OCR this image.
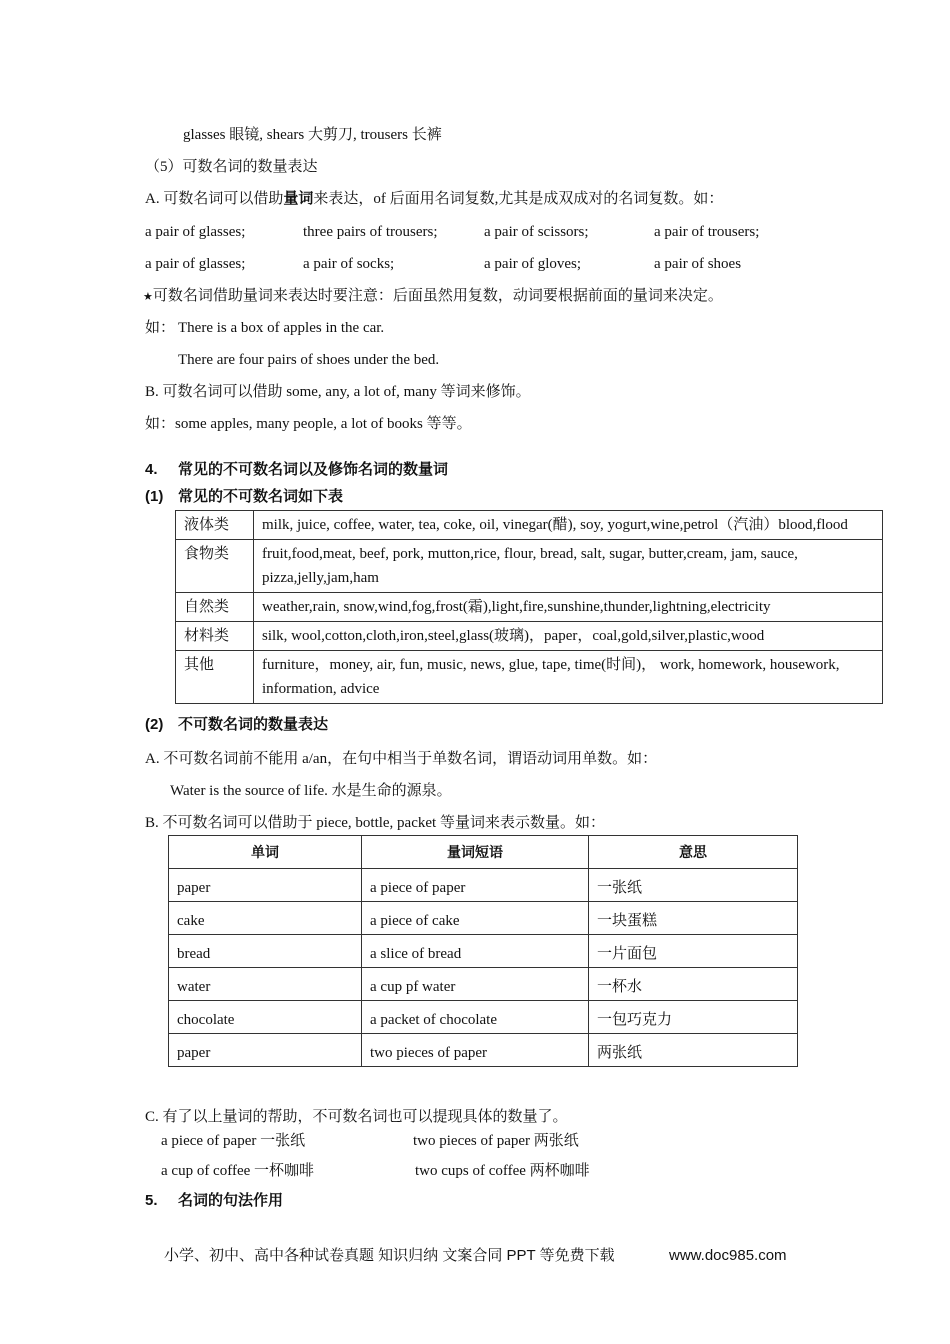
glasses 眼镜, shears 大剪刀, trousers 长裤
（5）可数名词的数量表达
A. 可数名词可以借助量词来表达，of 后面用名词复数,尤其是成双成对的名词复数。如：
a pair of glasses;	three pairs of trousers;	a pair of scissors;	a pair of trousers;
a pair of glasses;	a pair of socks;	a pair of gloves;	a pair of shoes
★可数名词借助量词来表达时要注意：后面虽然用复数，动词要根据前面的量词来决定。
如： There is a box of apples in the car.
There are four pairs of shoes under the bed.
B. 可数名词可以借助 some, any, a lot of, many 等词来修饰。
如：some apples, many people, a lot of books 等等。
4. 常见的不可数名词以及修饰名词的数量词
(1) 常见的不可数名词如下表
液体类	milk, juice, coffee, water, tea, coke, oil, vinegar(醋), soy, yogurt,wine,petrol（汽油）blood,flood
食物类	fruit,food,meat, beef, pork, mutton,rice, flour, bread, salt, sugar, butter,cream, jam, sauce, pizza,jelly,jam,ham
自然类	weather,rain, snow,wind,fog,frost(霜),light,fire,sunshine,thunder,lightning,electricity
材料类	silk, wool,cotton,cloth,iron,steel,glass(玻璃)，paper，coal,gold,silver,plastic,wood
其他	furniture，money, air, fun, music, news, glue, tape, time(时间)， work, homework, housework, information, advice
(2) 不可数名词的数量表达
A. 不可数名词前不能用 a/an，在句中相当于单数名词，谓语动词用单数。如：
Water is the source of life. 水是生命的源泉。
B. 不可数名词可以借助于 piece, bottle, packet 等量词来表示数量。如：
单词	量词短语	意思
paper	a piece of paper	一张纸
cake	a piece of cake	一块蛋糕
bread	a slice of bread	一片面包
water	a cup pf water	一杯水
chocolate	a packet of chocolate	一包巧克力
paper	two pieces of paper	两张纸
C. 有了以上量词的帮助，不可数名词也可以提现具体的数量了。
a piece of paper 一张纸	two pieces of paper 两张纸
a cup of coffee 一杯咖啡	two cups of coffee 两杯咖啡
5. 名词的句法作用
小学、初中、高中各种试卷真题 知识归纳 文案合同 PPT 等免费下载	www.doc985.com
